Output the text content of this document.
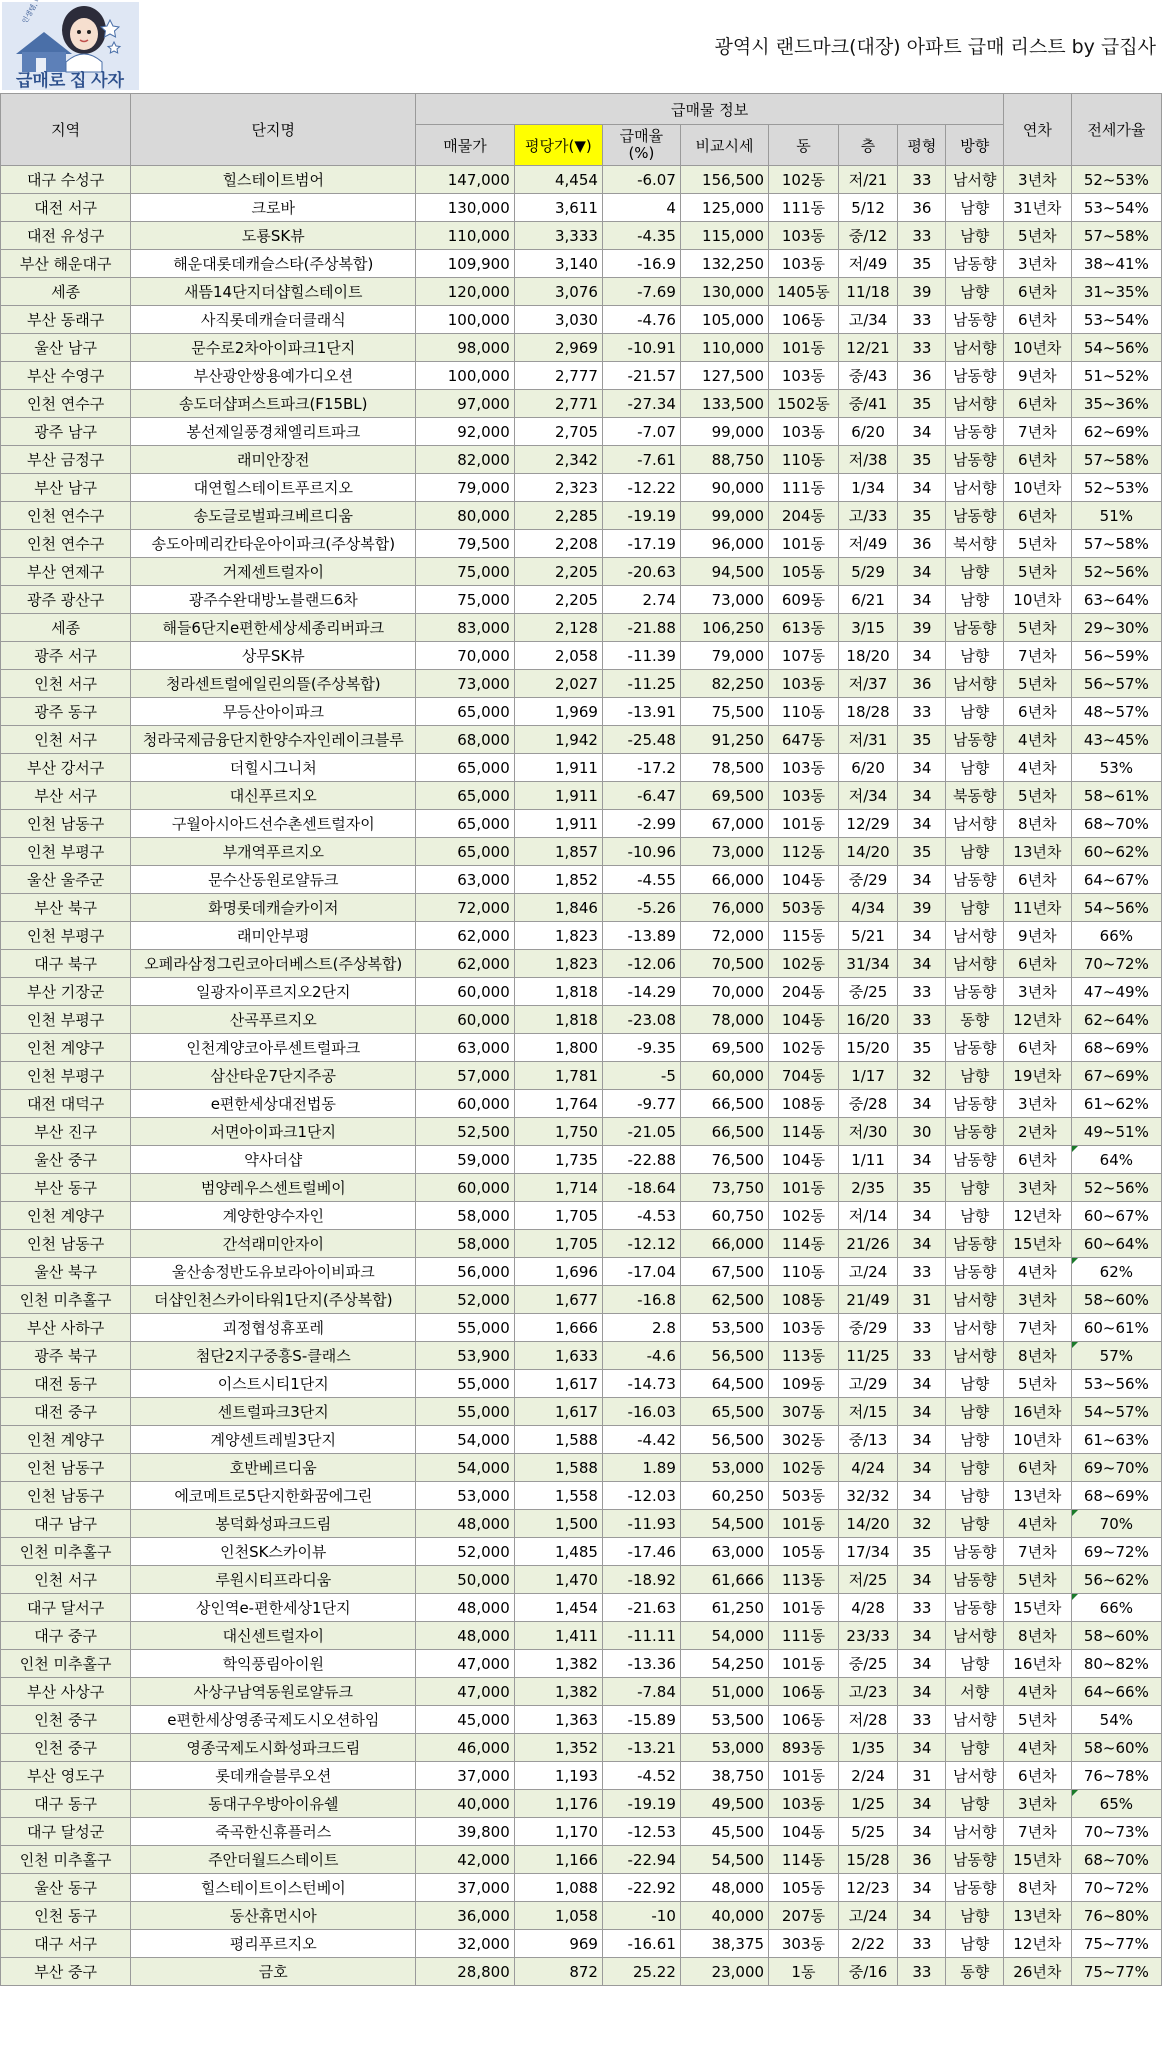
급매로 집 사자
광역시 랜드마크(대장) 아파트 급매 리스트 by 급집사
지역	단지명	급매물 정보								연차	전세가율
		매물가	평당가(▼)	급매율
(%)	비교시세	동	층	평형	방향		
대구 수성구	힐스테이트범어	147,000	4,454	-6.07	156,500	102동	저/21	33	남서향	3년차	52~53%
대전 서구	크로바	130,000	3,611	4	125,000	111동	5/12	36	남향	31년차	53~54%
대전 유성구	도룡SK뷰	110,000	3,333	-4.35	115,000	103동	중/12	33	남향	5년차	57~58%
부산 해운대구	해운대롯데캐슬스타(주상복합)	109,900	3,140	-16.9	132,250	103동	저/49	35	남동향	3년차	38~41%
세종	새뜸14단지더샵힐스테이트	120,000	3,076	-7.69	130,000	1405동	11/18	39	남향	6년차	31~35%
부산 동래구	사직롯데캐슬더클래식	100,000	3,030	-4.76	105,000	106동	고/34	33	남동향	6년차	53~54%
울산 남구	문수로2차아이파크1단지	98,000	2,969	-10.91	110,000	101동	12/21	33	남서향	10년차	54~56%
부산 수영구	부산광안쌍용예가디오션	100,000	2,777	-21.57	127,500	103동	중/43	36	남동향	9년차	51~52%
인천 연수구	송도더샵퍼스트파크(F15BL)	97,000	2,771	-27.34	133,500	1502동	중/41	35	남서향	6년차	35~36%
광주 남구	봉선제일풍경채엘리트파크	92,000	2,705	-7.07	99,000	103동	6/20	34	남동향	7년차	62~69%
부산 금정구	래미안장전	82,000	2,342	-7.61	88,750	110동	저/38	35	남동향	6년차	57~58%
부산 남구	대연힐스테이트푸르지오	79,000	2,323	-12.22	90,000	111동	1/34	34	남서향	10년차	52~53%
인천 연수구	송도글로벌파크베르디움	80,000	2,285	-19.19	99,000	204동	고/33	35	남동향	6년차	51%
인천 연수구	송도아메리칸타운아이파크(주상복합)	79,500	2,208	-17.19	96,000	101동	저/49	36	북서향	5년차	57~58%
부산 연제구	거제센트럴자이	75,000	2,205	-20.63	94,500	105동	5/29	34	남향	5년차	52~56%
광주 광산구	광주수완대방노블랜드6차	75,000	2,205	2.74	73,000	609동	6/21	34	남향	10년차	63~64%
세종	해들6단지e편한세상세종리버파크	83,000	2,128	-21.88	106,250	613동	3/15	39	남동향	5년차	29~30%
광주 서구	상무SK뷰	70,000	2,058	-11.39	79,000	107동	18/20	34	남향	7년차	56~59%
인천 서구	청라센트럴에일린의뜰(주상복합)	73,000	2,027	-11.25	82,250	103동	저/37	36	남서향	5년차	56~57%
광주 동구	무등산아이파크	65,000	1,969	-13.91	75,500	110동	18/28	33	남향	6년차	48~57%
인천 서구	청라국제금융단지한양수자인레이크블루	68,000	1,942	-25.48	91,250	647동	저/31	35	남동향	4년차	43~45%
부산 강서구	더힐시그니처	65,000	1,911	-17.2	78,500	103동	6/20	34	남향	4년차	53%
부산 서구	대신푸르지오	65,000	1,911	-6.47	69,500	103동	저/34	34	북동향	5년차	58~61%
인천 남동구	구월아시아드선수촌센트럴자이	65,000	1,911	-2.99	67,000	101동	12/29	34	남서향	8년차	68~70%
인천 부평구	부개역푸르지오	65,000	1,857	-10.96	73,000	112동	14/20	35	남향	13년차	60~62%
울산 울주군	문수산동원로얄듀크	63,000	1,852	-4.55	66,000	104동	중/29	34	남동향	6년차	64~67%
부산 북구	화명롯데캐슬카이저	72,000	1,846	-5.26	76,000	503동	4/34	39	남향	11년차	54~56%
인천 부평구	래미안부평	62,000	1,823	-13.89	72,000	115동	5/21	34	남서향	9년차	66%
대구 북구	오페라삼정그린코아더베스트(주상복합)	62,000	1,823	-12.06	70,500	102동	31/34	34	남서향	6년차	70~72%
부산 기장군	일광자이푸르지오2단지	60,000	1,818	-14.29	70,000	204동	중/25	33	남동향	3년차	47~49%
인천 부평구	산곡푸르지오	60,000	1,818	-23.08	78,000	104동	16/20	33	동향	12년차	62~64%
인천 계양구	인천계양코아루센트럴파크	63,000	1,800	-9.35	69,500	102동	15/20	35	남동향	6년차	68~69%
인천 부평구	삼산타운7단지주공	57,000	1,781	-5	60,000	704동	1/17	32	남향	19년차	67~69%
대전 대덕구	e편한세상대전법동	60,000	1,764	-9.77	66,500	108동	중/28	34	남동향	3년차	61~62%
부산 진구	서면아이파크1단지	52,500	1,750	-21.05	66,500	114동	저/30	30	남동향	2년차	49~51%
울산 중구	약사더샵	59,000	1,735	-22.88	76,500	104동	1/11	34	남동향	6년차	64%
부산 동구	범양레우스센트럴베이	60,000	1,714	-18.64	73,750	101동	2/35	35	남향	3년차	52~56%
인천 계양구	계양한양수자인	58,000	1,705	-4.53	60,750	102동	저/14	34	남향	12년차	60~67%
인천 남동구	간석래미안자이	58,000	1,705	-12.12	66,000	114동	21/26	34	남동향	15년차	60~64%
울산 북구	울산송정반도유보라아이비파크	56,000	1,696	-17.04	67,500	110동	고/24	33	남동향	4년차	62%
인천 미추홀구	더샵인천스카이타워1단지(주상복합)	52,000	1,677	-16.8	62,500	108동	21/49	31	남서향	3년차	58~60%
부산 사하구	괴정협성휴포레	55,000	1,666	2.8	53,500	103동	중/29	33	남서향	7년차	60~61%
광주 북구	첨단2지구중흥S-클래스	53,900	1,633	-4.6	56,500	113동	11/25	33	남서향	8년차	57%
대전 동구	이스트시티1단지	55,000	1,617	-14.73	64,500	109동	고/29	34	남향	5년차	53~56%
대전 중구	센트럴파크3단지	55,000	1,617	-16.03	65,500	307동	저/15	34	남향	16년차	54~57%
인천 계양구	계양센트레빌3단지	54,000	1,588	-4.42	56,500	302동	중/13	34	남향	10년차	61~63%
인천 남동구	호반베르디움	54,000	1,588	1.89	53,000	102동	4/24	34	남향	6년차	69~70%
인천 남동구	에코메트로5단지한화꿈에그린	53,000	1,558	-12.03	60,250	503동	32/32	34	남향	13년차	68~69%
대구 남구	봉덕화성파크드림	48,000	1,500	-11.93	54,500	101동	14/20	32	남향	4년차	70%
인천 미추홀구	인천SK스카이뷰	52,000	1,485	-17.46	63,000	105동	17/34	35	남동향	7년차	69~72%
인천 서구	루원시티프라디움	50,000	1,470	-18.92	61,666	113동	저/25	34	남동향	5년차	56~62%
대구 달서구	상인역e-편한세상1단지	48,000	1,454	-21.63	61,250	101동	4/28	33	남동향	15년차	66%
대구 중구	대신센트럴자이	48,000	1,411	-11.11	54,000	111동	23/33	34	남서향	8년차	58~60%
인천 미추홀구	학익풍림아이원	47,000	1,382	-13.36	54,250	101동	중/25	34	남향	16년차	80~82%
부산 사상구	사상구남역동원로얄듀크	47,000	1,382	-7.84	51,000	106동	고/23	34	서향	4년차	64~66%
인천 중구	e편한세상영종국제도시오션하임	45,000	1,363	-15.89	53,500	106동	저/28	33	남서향	5년차	54%
인천 중구	영종국제도시화성파크드림	46,000	1,352	-13.21	53,000	893동	1/35	34	남향	4년차	58~60%
부산 영도구	롯데캐슬블루오션	37,000	1,193	-4.52	38,750	101동	2/24	31	남서향	6년차	76~78%
대구 동구	동대구우방아이유쉘	40,000	1,176	-19.19	49,500	103동	1/25	34	남향	3년차	65%
대구 달성군	죽곡한신휴플러스	39,800	1,170	-12.53	45,500	104동	5/25	34	남서향	7년차	70~73%
인천 미추홀구	주안더월드스테이트	42,000	1,166	-22.94	54,500	114동	15/28	36	남동향	15년차	68~70%
울산 동구	힐스테이트이스턴베이	37,000	1,088	-22.92	48,000	105동	12/23	34	남동향	8년차	70~72%
인천 동구	동산휴먼시아	36,000	1,058	-10	40,000	207동	고/24	34	남향	13년차	76~80%
대구 서구	평리푸르지오	32,000	969	-16.61	38,375	303동	2/22	33	남향	12년차	75~77%
부산 중구	금호	28,800	872	25.22	23,000	1동	중/16	33	동향	26년차	75~77%
